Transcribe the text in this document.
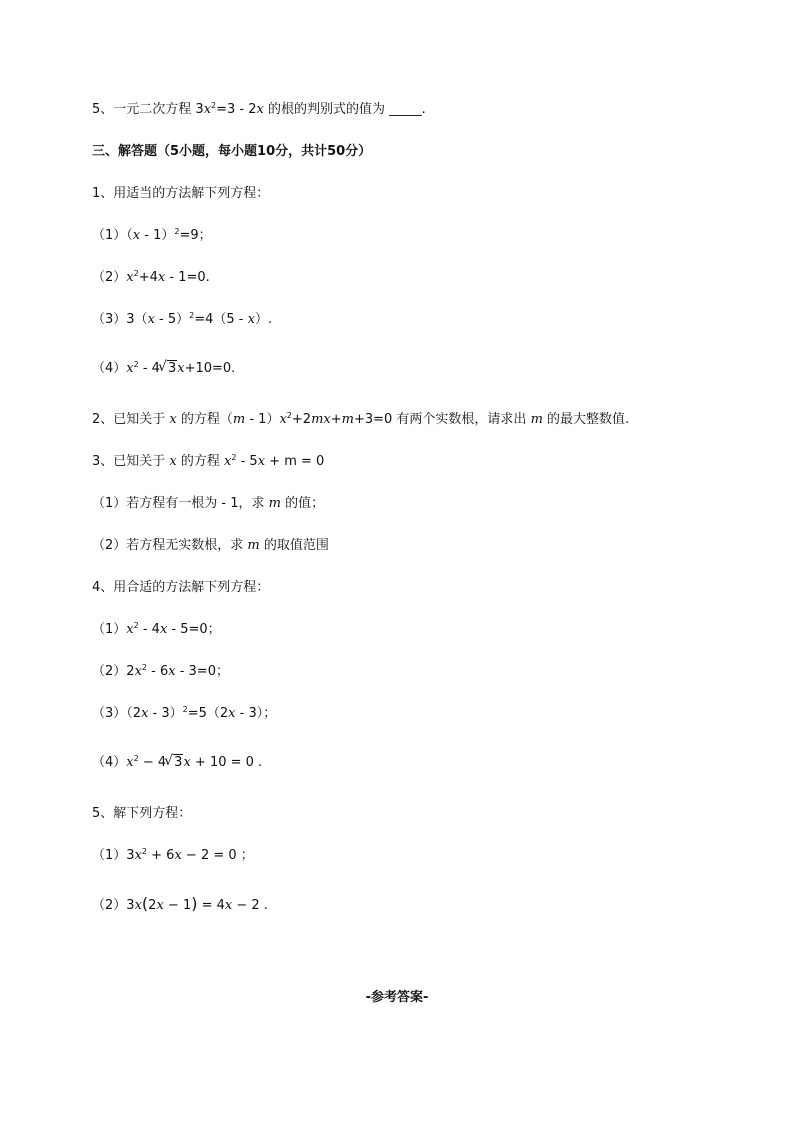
5、一元二次方程 $3x^2=3 - 2x$ 的根的判别式的值为 _____.
三、解答题（5小题，每小题10分，共计50分）
1、用适当的方法解下列方程：
（1）（x - 1）$^2$=9；
$(2)x^2+4x - 1=0$.
（3）3（x - 5）$^2$=4（5 - x）.
$(4)x^2 - 4√$ 3x+10=0.
2、已知关于 x 的方程$(m - 1)x^2+2mx+m+3=0$ 有两个实数根，请求出 m 的最大整数值.
3、已知关于 x 的方程 $x^2 - 5x + m = 0$
（1）若方程有一根为 - 1，求 m 的值；
（2）若方程无实数根，求 m 的取值范围
4、用合适的方法解下列方程：
$(1)x^2 - 4x - 5=0$；
$(2)2x^2 - 6x - 3=0$；
（3）（2x - 3）$^2$=5（2x - 3）；
$(4)x^2 - 4√$ 3x + 10 = 0 .
5、解下列方程：
$(1)3x^2 + 6x - 2 = 0$ ；
（2）3x(2x − 1) = 4x − 2 .
-参考答案-
